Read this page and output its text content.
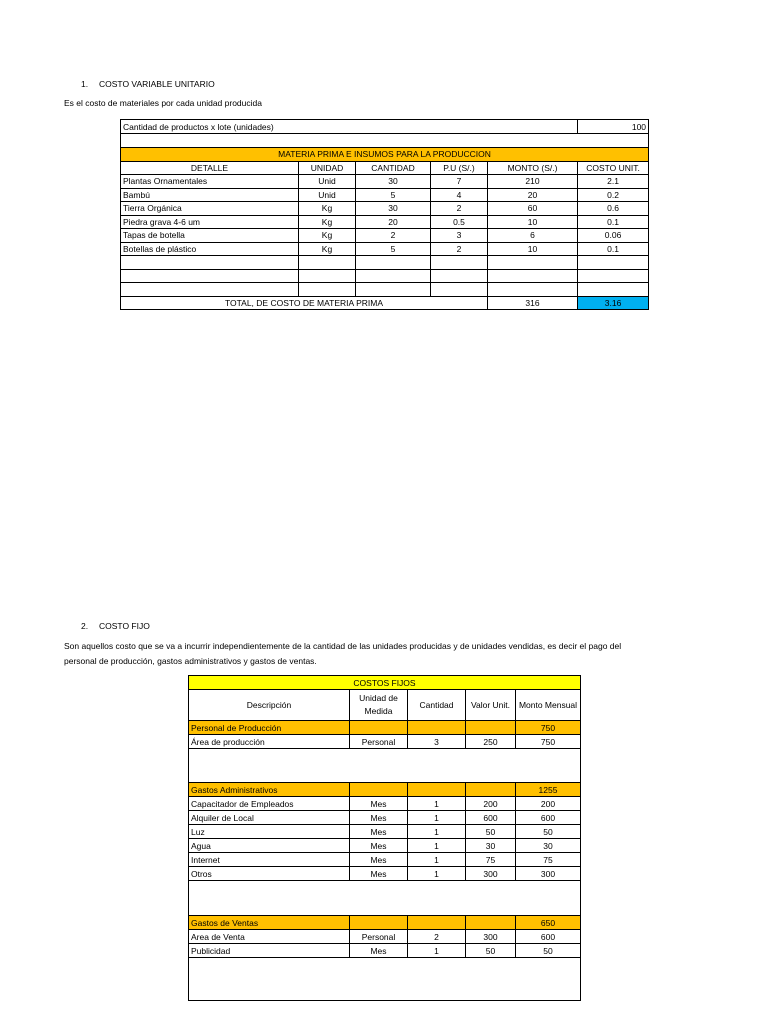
1. COSTO VARIABLE UNITARIO
Es el costo de materiales por cada unidad producida
Cantidad de productos x lote (unidades)					100

MATERIA PRIMA E INSUMOS PARA LA PRODUCCION					
DETALLE	UNIDAD	CANTIDAD	P.U (S/.)	MONTO (S/.)	COSTO UNIT.
Plantas Ornamentales	Unid	30	7	210	2.1
Bambú	Unid	5	4	20	0.2
Tierra Orgánica	Kg	30	2	60	0.6
Piedra grava 4-6 um	Kg	20	0.5	10	0.1
Tapas de botella	Kg	2	3	6	0.06
Botellas de plástico	Kg	5	2	10	0.1

TOTAL, DE COSTO DE MATERIA PRIMA				316	3.16
2. COSTO FIJO
Son aquellos costo que se va a incurrir independientemente de la cantidad de las unidades producidas y de unidades vendidas, es decir el pago del
personal de producción, gastos administrativos y gastos de ventas.
COSTOS FIJOS				
Descripción	Unidad de Medida	Cantidad	Valor Unit.	Monto Mensual
Personal de Producción				750
Área de producción	Personal	3	250	750

Gastos Administrativos				1255
Capacitador de Empleados	Mes	1	200	200
Alquiler de Local	Mes	1	600	600
Luz	Mes	1	50	50
Agua	Mes	1	30	30
Internet	Mes	1	75	75
Otros	Mes	1	300	300

Gastos de Ventas				650
Area de Venta	Personal	2	300	600
Publicidad	Mes	1	50	50
